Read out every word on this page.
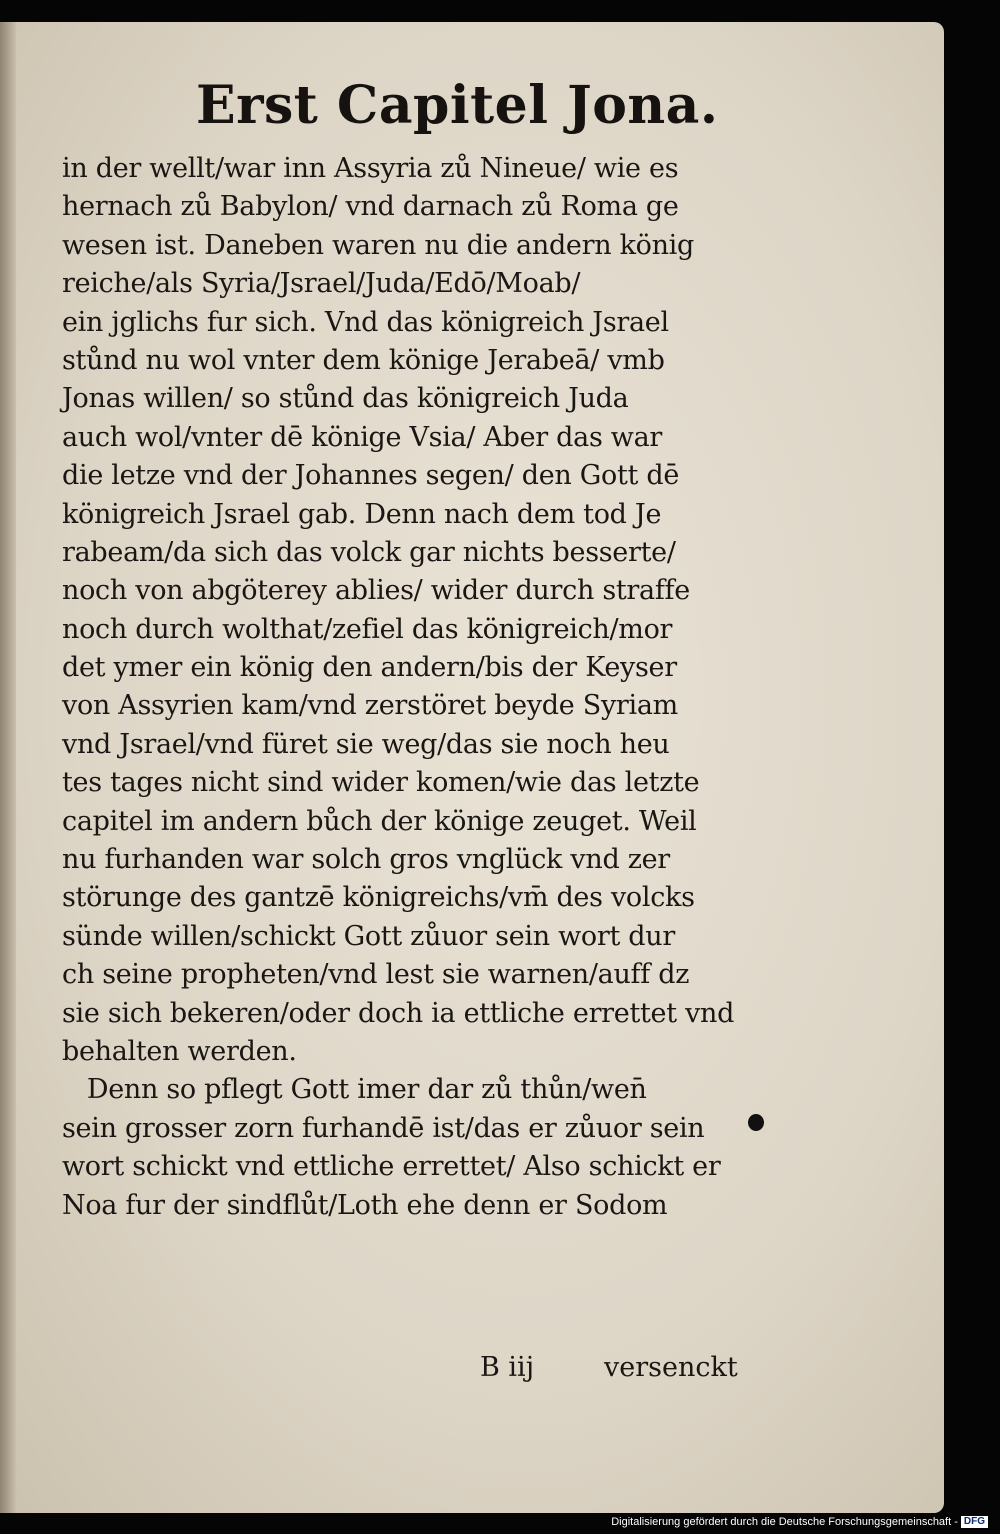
Erst Capitel Jona.
in der wellt/war inn Assyria zů Nineue/ wie es
hernach zů Babylon/ vnd darnach zů Roma ge
wesen ist. Daneben waren nu die andern könig
reiche/als Syria/Jsrael/Juda/Edō/Moab/
ein jglichs fur sich. Vnd das königreich Jsrael
stůnd nu wol vnter dem könige Jerabeā/ vmb
Jonas willen/ so stůnd das königreich Juda
auch wol/vnter dē könige Vsia/ Aber das war
die letze vnd der Johannes segen/ den Gott dē
königreich Jsrael gab. Denn nach dem tod Je
rabeam/da sich das volck gar nichts besserte/
noch von abgöterey ablies/ wider durch straffe
noch durch wolthat/zefiel das königreich/mor
det ymer ein könig den andern/bis der Keyser
von Assyrien kam/vnd zerstöret beyde Syriam
vnd Jsrael/vnd füret sie weg/das sie noch heu
tes tages nicht sind wider komen/wie das letzte
capitel im andern bůch der könige zeuget. Weil
nu furhanden war solch gros vnglück vnd zer
störunge des gantzē königreichs/vm̄ des volcks
sünde willen/schickt Gott zůuor sein wort dur
ch seine propheten/vnd lest sie warnen/auff dz
sie sich bekeren/oder doch ia ettliche errettet vnd
behalten werden.
Denn so pflegt Gott imer dar zů thůn/wen̄
sein grosser zorn furhandē ist/das er zůuor sein
wort schickt vnd ettliche errettet/ Also schickt er
Noa fur der sindflůt/Loth ehe denn er Sodom
B iij	versenckt
Digitalisierung gefördert durch die Deutsche Forschungsgemeinschaft - DFG
